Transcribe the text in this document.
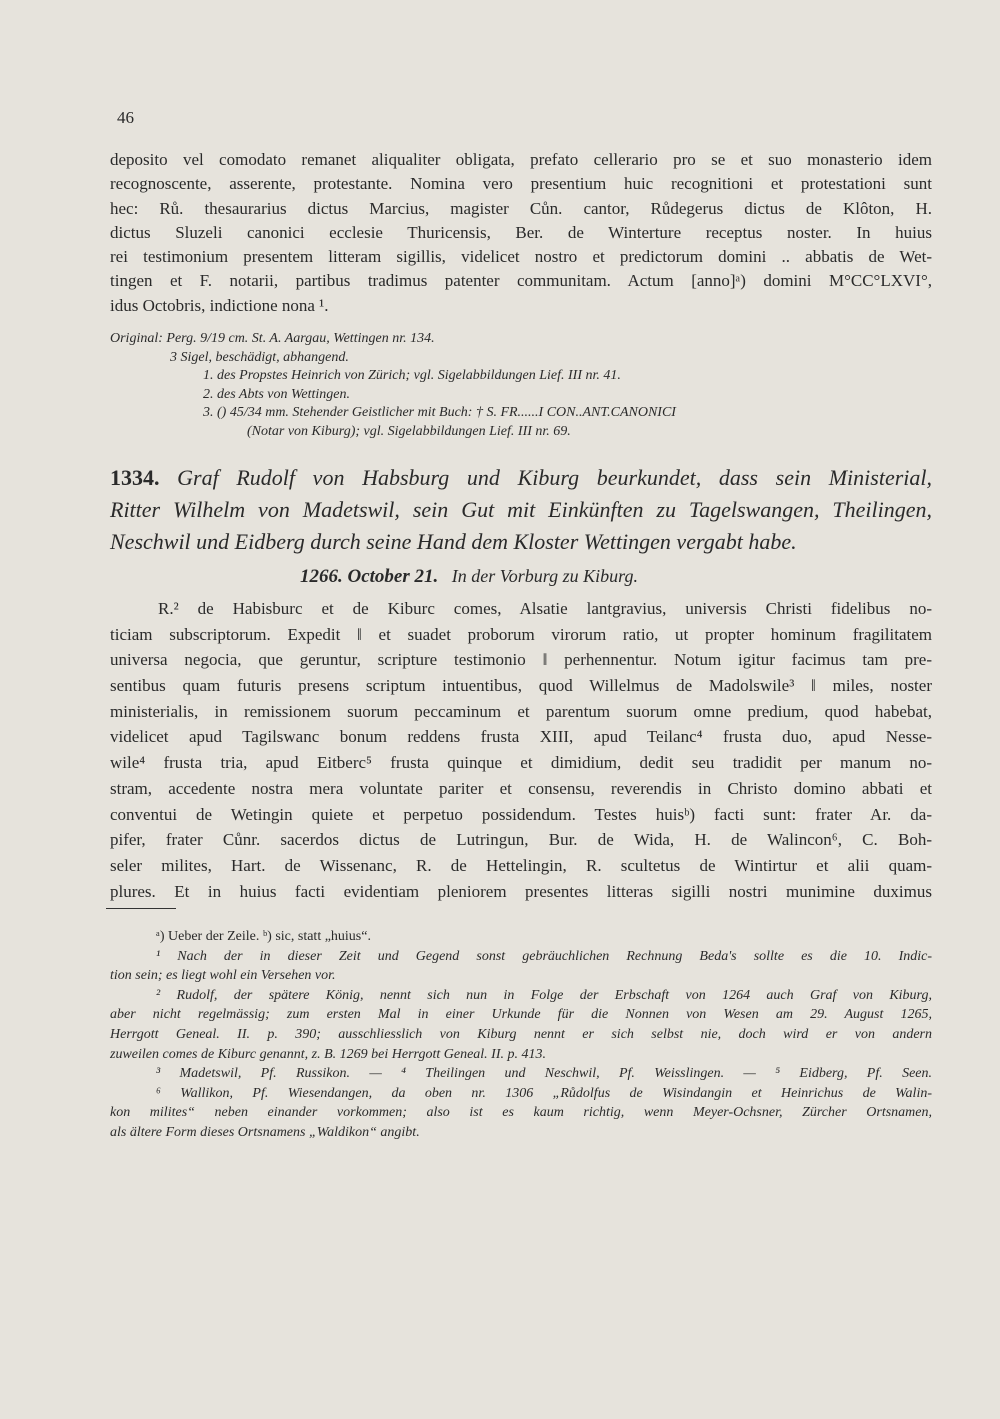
46
deposito vel comodato remanet aliqualiter obligata, prefato cellerario pro se et suo monasterio idem
recognoscente, asserente, protestante. Nomina vero presentium huic recognitioni et protestationi sunt
hec: Rů. thesaurarius dictus Marcius, magister Cůn. cantor, Růdegerus dictus de Klôton, H.
dictus Sluzeli canonici ecclesie Thuricensis, Ber. de Winterture receptus noster. In huius
rei testimonium presentem litteram sigillis, videlicet nostro et predictorum domini .. abbatis de Wet-
tingen et F. notarii, partibus tradimus patenter communitam. Actum [anno]ᵃ) domini M°CC°LXVI°,
idus Octobris, indictione nona ¹.
Original: Perg. 9/19 cm. St. A. Aargau, Wettingen nr. 134.
3 Sigel, beschädigt, abhangend.
1. des Propstes Heinrich von Zürich; vgl. Sigelabbildungen Lief. III nr. 41.
2. des Abts von Wettingen.
3. () 45/34 mm. Stehender Geistlicher mit Buch: † S. FR......I CON..ANT.CANONICI
(Notar von Kiburg); vgl. Sigelabbildungen Lief. III nr. 69.
1334. Graf Rudolf von Habsburg und Kiburg beurkundet, dass sein Ministerial,
Ritter Wilhelm von Madetswil, sein Gut mit Einkünften zu Tagelswangen, Theilingen,
Neschwil und Eidberg durch seine Hand dem Kloster Wettingen vergabt habe.
1266. October 21. In der Vorburg zu Kiburg.
R.² de Habisburc et de Kiburc comes, Alsatie lantgravius, universis Christi fidelibus no-
ticiam subscriptorum. Expedit ‖ et suadet proborum virorum ratio, ut propter hominum fragilitatem
universa negocia, que geruntur, scripture testimonio ‖ perhennentur. Notum igitur facimus tam pre-
sentibus quam futuris presens scriptum intuentibus, quod Willelmus de Madolswile³ ‖ miles, noster
ministerialis, in remissionem suorum peccaminum et parentum suorum omne predium, quod habebat,
videlicet apud Tagilswanc bonum reddens frusta XIII, apud Teilanc⁴ frusta duo, apud Nesse-
wile⁴ frusta tria, apud Eitberc⁵ frusta quinque et dimidium, dedit seu tradidit per manum no-
stram, accedente nostra mera voluntate pariter et consensu, reverendis in Christo domino abbati et
conventui de Wetingin quiete et perpetuo possidendum. Testes huisᵇ) facti sunt: frater Ar. da-
pifer, frater Cůnr. sacerdos dictus de Lutringun, Bur. de Wida, H. de Walincon⁶, C. Boh-
seler milites, Hart. de Wissenanc, R. de Hettelingin, R. scultetus de Wintirtur et alii quam-
plures. Et in huius facti evidentiam pleniorem presentes litteras sigilli nostri munimine duximus
ᵃ) Ueber der Zeile. ᵇ) sic, statt „huius“.
¹ Nach der in dieser Zeit und Gegend sonst gebräuchlichen Rechnung Beda's sollte es die 10. Indic-
tion sein; es liegt wohl ein Versehen vor.
² Rudolf, der spätere König, nennt sich nun in Folge der Erbschaft von 1264 auch Graf von Kiburg,
aber nicht regelmässig; zum ersten Mal in einer Urkunde für die Nonnen von Wesen am 29. August 1265,
Herrgott Geneal. II. p. 390; ausschliesslich von Kiburg nennt er sich selbst nie, doch wird er von andern
zuweilen comes de Kiburc genannt, z. B. 1269 bei Herrgott Geneal. II. p. 413.
³ Madetswil, Pf. Russikon. — ⁴ Theilingen und Neschwil, Pf. Weisslingen. — ⁵ Eidberg, Pf. Seen.
⁶ Wallikon, Pf. Wiesendangen, da oben nr. 1306 „Růdolfus de Wisindangin et Heinrichus de Walin-
kon milites“ neben einander vorkommen; also ist es kaum richtig, wenn Meyer-Ochsner, Zürcher Ortsnamen,
als ältere Form dieses Ortsnamens „Waldikon“ angibt.
